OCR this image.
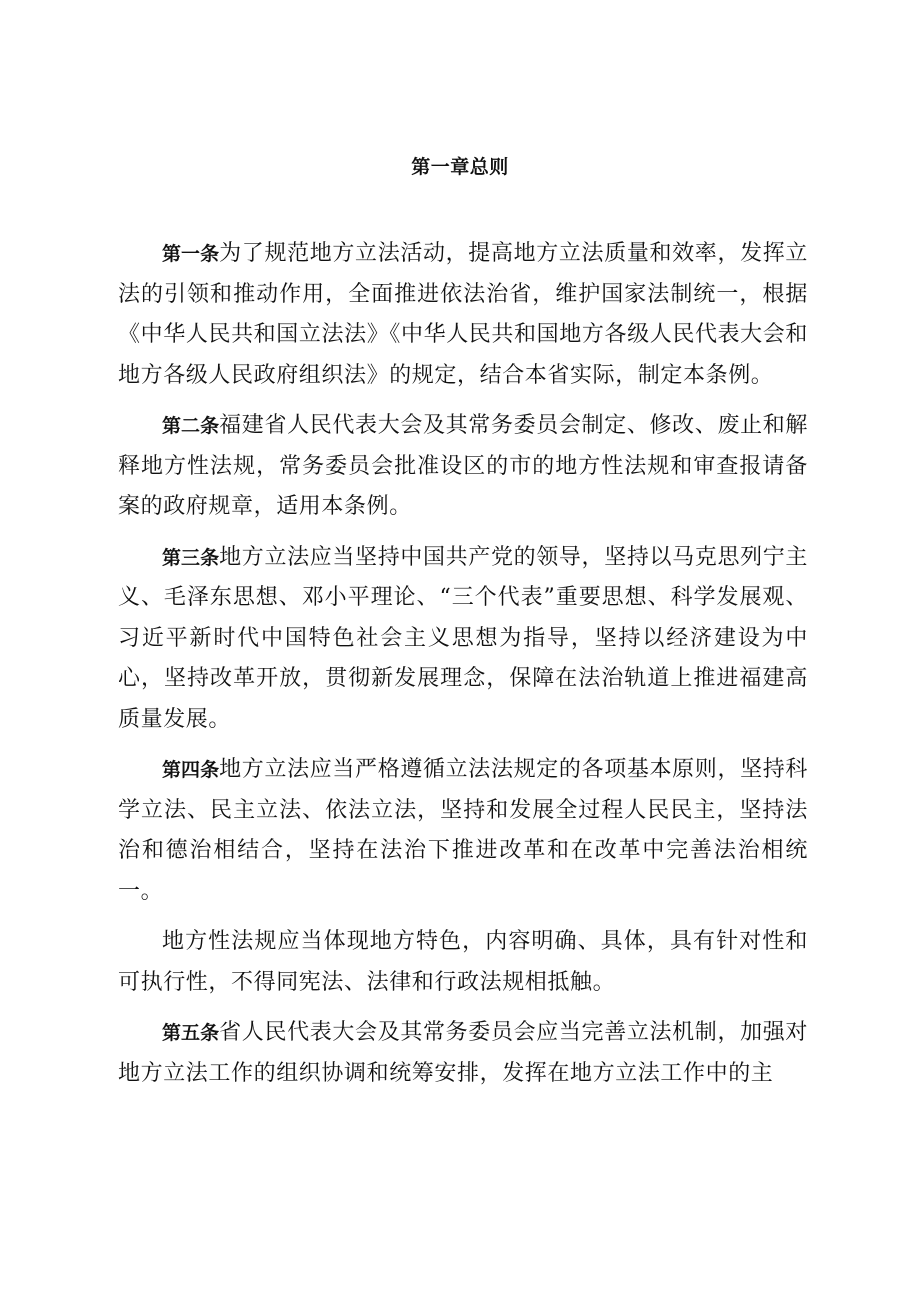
第一章总则

第一条为了规范地方立法活动，提高地方立法质量和效率，发挥立法的引领和推动作用，全面推进依法治省，维护国家法制统一，根据《中华人民共和国立法法》《中华人民共和国地方各级人民代表大会和地方各级人民政府组织法》的规定，结合本省实际，制定本条例。

第二条福建省人民代表大会及其常务委员会制定、修改、废止和解释地方性法规，常务委员会批准设区的市的地方性法规和审查报请备案的政府规章，适用本条例。

第三条地方立法应当坚持中国共产党的领导，坚持以马克思列宁主义、毛泽东思想、邓小平理论、“三个代表”重要思想、科学发展观、习近平新时代中国特色社会主义思想为指导，坚持以经济建设为中心，坚持改革开放，贯彻新发展理念，保障在法治轨道上推进福建高质量发展。

第四条地方立法应当严格遵循立法法规定的各项基本原则，坚持科学立法、民主立法、依法立法，坚持和发展全过程人民民主，坚持法治和德治相结合，坚持在法治下推进改革和在改革中完善法治相统一。

地方性法规应当体现地方特色，内容明确、具体，具有针对性和可执行性，不得同宪法、法律和行政法规相抵触。

第五条省人民代表大会及其常务委员会应当完善立法机制，加强对地方立法工作的组织协调和统筹安排，发挥在地方立法工作中的主
